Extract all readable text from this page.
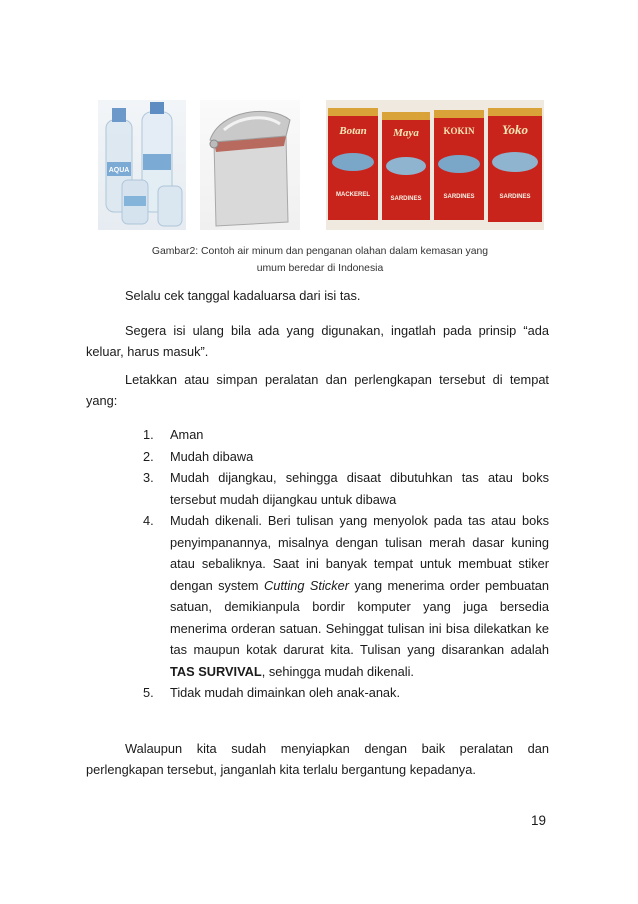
AQUA
Botan Maya	KOKIN Yoko
MACKEREL
SARDINES	SARDINES	SARDINES
Gambar2: Contoh air minum dan penganan olahan dalam kemasan yang
umum beredar di Indonesia
Selalu cek tanggal kadaluarsa dari isi tas.
Segera isi ulang bila ada yang digunakan, ingatlah pada prinsip “ada keluar, harus masuk”.
Letakkan atau simpan peralatan dan perlengkapan tersebut di tempat yang:
1. Aman
2. Mudah dibawa
3. Mudah dijangkau, sehingga disaat dibutuhkan tas atau boks tersebut mudah dijangkau untuk dibawa
4. Mudah dikenali. Beri tulisan yang menyolok pada tas atau boks penyimpanannya, misalnya dengan tulisan merah dasar kuning atau sebaliknya. Saat ini banyak tempat untuk membuat stiker dengan system Cutting Sticker yang menerima order pembuatan satuan, demikianpula bordir komputer yang juga bersedia menerima orderan satuan. Sehinggat tulisan ini bisa dilekatkan ke tas maupun kotak darurat kita. Tulisan yang disarankan adalah TAS SURVIVAL, sehingga mudah dikenali.
5. Tidak mudah dimainkan oleh anak-anak.
Walaupun kita sudah menyiapkan dengan baik peralatan dan perlengkapan tersebut, janganlah kita terlalu bergantung kepadanya.
19
